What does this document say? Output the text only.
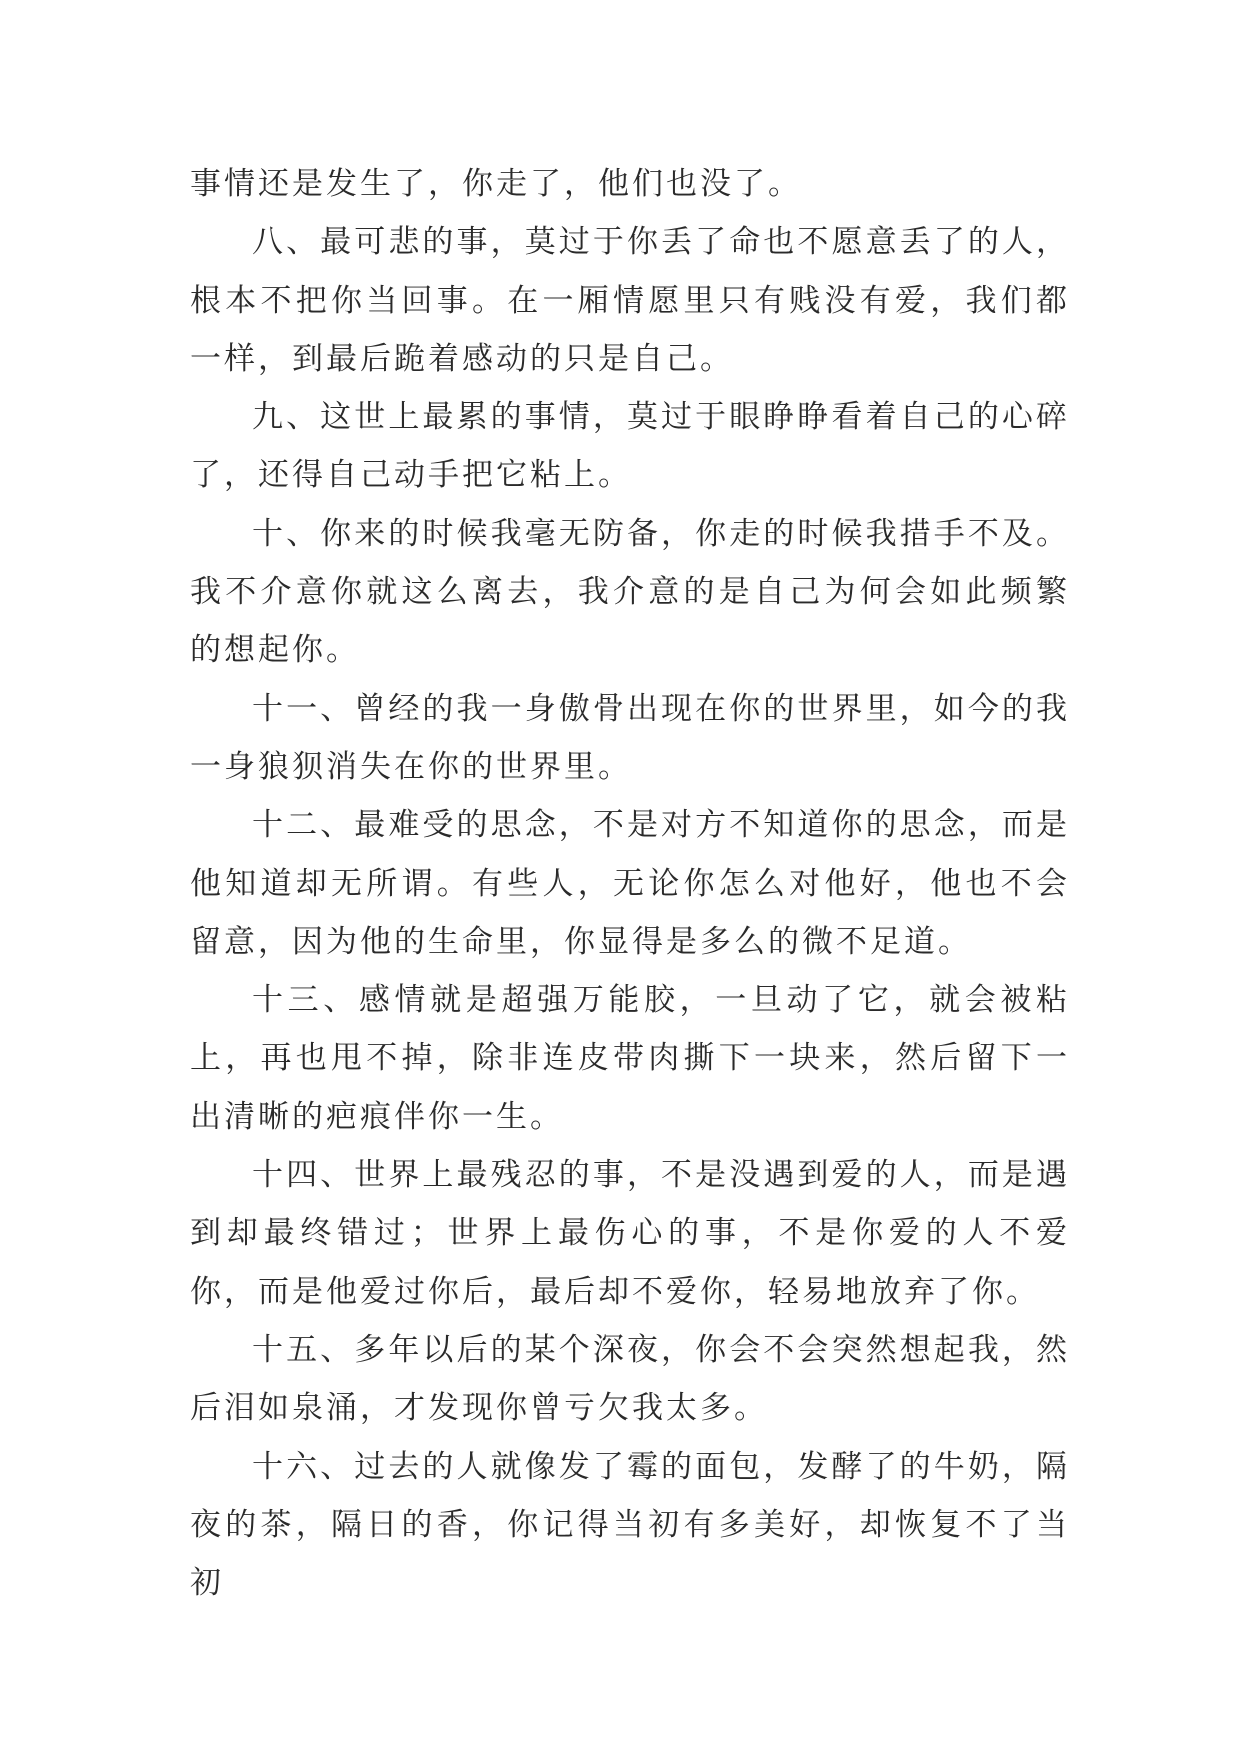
事情还是发生了，你走了，他们也没了。

八、最可悲的事，莫过于你丢了命也不愿意丢了的人，根本不把你当回事。在一厢情愿里只有贱没有爱，我们都一样，到最后跪着感动的只是自己。

九、这世上最累的事情，莫过于眼睁睁看着自己的心碎了，还得自己动手把它粘上。

十、你来的时候我毫无防备，你走的时候我措手不及。我不介意你就这么离去，我介意的是自己为何会如此频繁的想起你。

十一、曾经的我一身傲骨出现在你的世界里，如今的我一身狼狈消失在你的世界里。

十二、最难受的思念，不是对方不知道你的思念，而是他知道却无所谓。有些人，无论你怎么对他好，他也不会留意，因为他的生命里，你显得是多么的微不足道。

十三、感情就是超强万能胶，一旦动了它，就会被粘上，再也甩不掉，除非连皮带肉撕下一块来，然后留下一出清晰的疤痕伴你一生。

十四、世界上最残忍的事，不是没遇到爱的人，而是遇到却最终错过；世界上最伤心的事，不是你爱的人不爱你，而是他爱过你后，最后却不爱你，轻易地放弃了你。

十五、多年以后的某个深夜，你会不会突然想起我，然后泪如泉涌，才发现你曾亏欠我太多。

十六、过去的人就像发了霉的面包，发酵了的牛奶，隔夜的茶，隔日的香，你记得当初有多美好，却恢复不了当初
